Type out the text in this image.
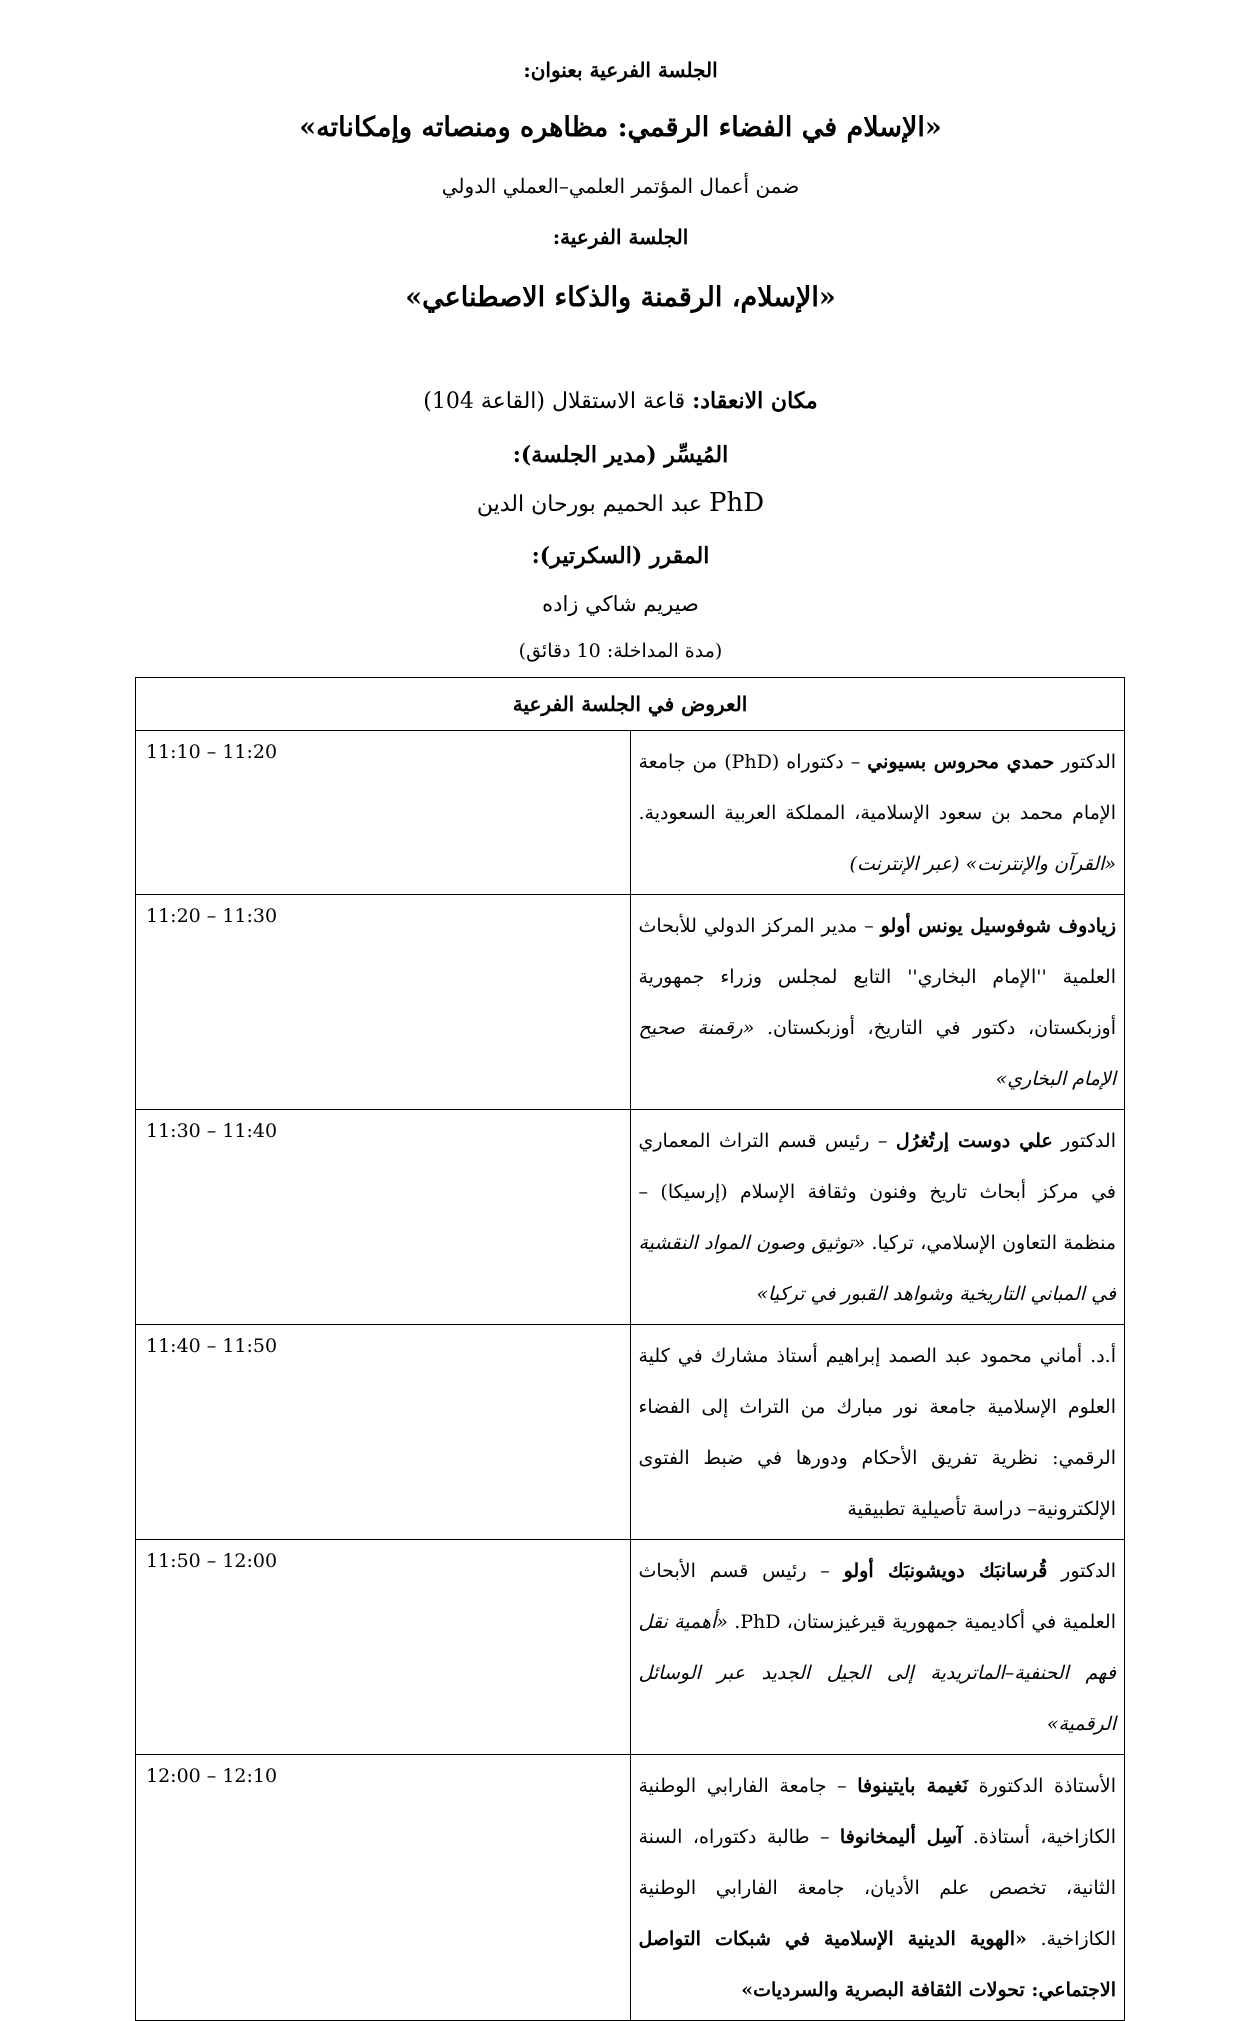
الجلسة الفرعية بعنوان:
«الإسلام في الفضاء الرقمي: مظاهره ومنصاته وإمكاناته»
ضمن أعمال المؤتمر العلمي–العملي الدولي
الجلسة الفرعية:
«الإسلام، الرقمنة والذكاء الاصطناعي»
مكان الانعقاد: قاعة الاستقلال (القاعة 104)
المُيسِّر (مدير الجلسة):
PhD عبد الحميم بورحان الدين
المقرر (السكرتير):
صيريم شاكي زاده
(مدة المداخلة: 10 دقائق)
العروض في الجلسة الفرعية	
الدكتور حمدي محروس بسيوني – دكتوراه (PhD) من جامعة الإمام محمد بن سعود الإسلامية، المملكة العربية السعودية. «القرآن والإنترنت» (عبر الإنترنت)	11:10 – 11:20
زيادوف شوفوسيل يونس أولو – مدير المركز الدولي للأبحاث العلمية ''الإمام البخاري'' التابع لمجلس وزراء جمهورية أوزبكستان، دكتور في التاريخ، أوزبكستان. «رقمنة صحيح الإمام البخاري»	11:20 – 11:30
الدكتور علي دوست إرتُغرُل – رئيس قسم التراث المعماري في مركز أبحاث تاريخ وفنون وثقافة الإسلام (إرسيكا) – منظمة التعاون الإسلامي، تركيا. «توثيق وصون المواد النقشية في المباني التاريخية وشواهد القبور في تركيا»	11:30 – 11:40
أ.د. أماني محمود عبد الصمد إبراهيم أستاذ مشارك في كلية العلوم الإسلامية جامعة نور مبارك من التراث إلى الفضاء الرقمي: نظرية تفريق الأحكام ودورها في ضبط الفتوى الإلكترونية– دراسة تأصيلية تطبيقية	11:40 – 11:50
الدكتور قُرسانبَك دويشونبَك أولو – رئيس قسم الأبحاث العلمية في أكاديمية جمهورية قيرغيزستان، PhD. «أهمية نقل فهم الحنفية–الماتريدية إلى الجيل الجديد عبر الوسائل الرقمية»	11:50 – 12:00
الأستاذة الدكتورة نَغيمة بايتينوفا – جامعة الفارابي الوطنية الكازاخية، أستاذة. آسِل أليمخانوفا – طالبة دكتوراه، السنة الثانية، تخصص علم الأديان، جامعة الفارابي الوطنية الكازاخية. «الهوية الدينية الإسلامية في شبكات التواصل الاجتماعي: تحولات الثقافة البصرية والسرديات»	12:00 – 12:10
